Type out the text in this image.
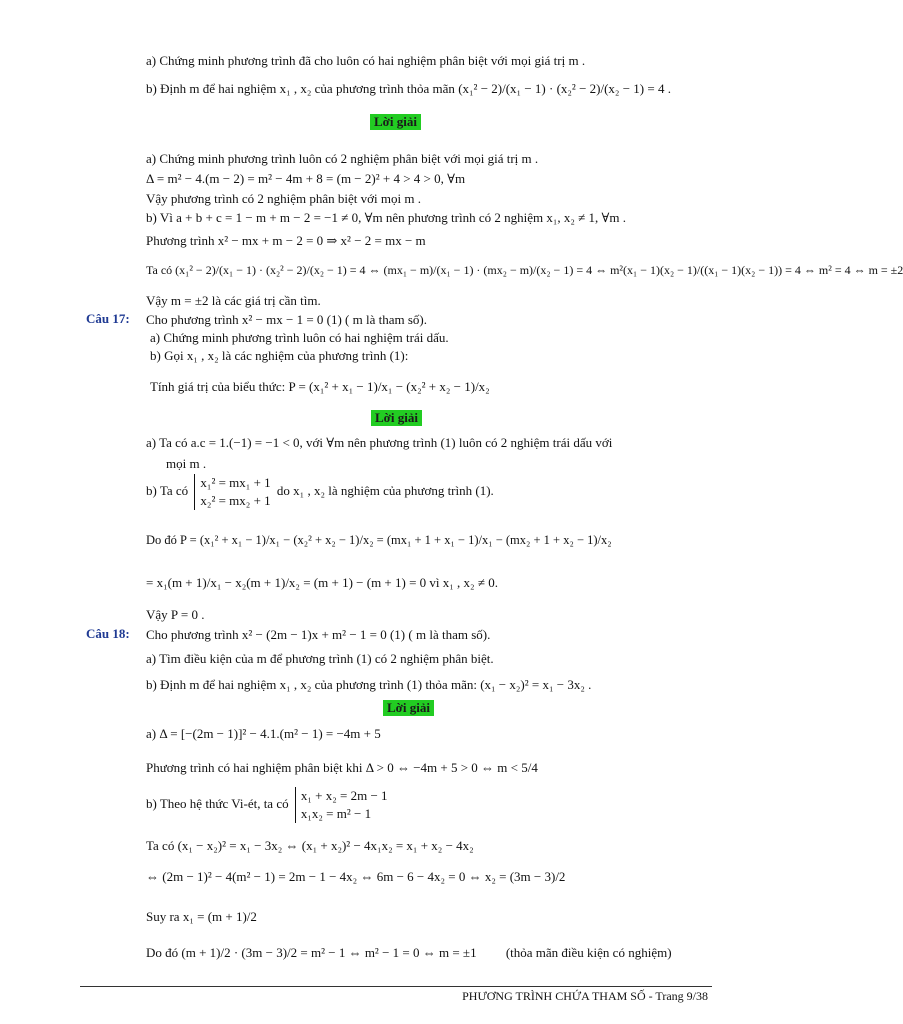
a) Chứng minh phương trình đã cho luôn có hai nghiệm phân biệt với mọi giá trị m .
b) Định m để hai nghiệm x₁ , x₂ của phương trình thỏa mãn (x₁² − 2)/(x₁ − 1) · (x₂² − 2)/(x₂ − 1) = 4 .
Lời giải
a) Chứng minh phương trình luôn có 2 nghiệm phân biệt với mọi giá trị m .
Δ = m² − 4.(m − 2) = m² − 4m + 8 = (m − 2)² + 4 > 4 > 0, ∀m
Vậy phương trình có 2 nghiệm phân biệt với mọi m .
b) Vì a + b + c = 1 − m + m − 2 = −1 ≠ 0, ∀m nên phương trình có 2 nghiệm x₁, x₂ ≠ 1, ∀m .
Phương trình x² − mx + m − 2 = 0 ⇒ x² − 2 = mx − m
Ta có (x₁² − 2)/(x₁ − 1) · (x₂² − 2)/(x₂ − 1) = 4 ⇔ (mx₁ − m)/(x₁ − 1) · (mx₂ − m)/(x₂ − 1) = 4 ⇔ m²(x₁ − 1)(x₂ − 1)/((x₁ − 1)(x₂ − 1)) = 4 ⇔ m² = 4 ⇔ m = ±2
Vậy m = ±2 là các giá trị cần tìm.
Câu 17: Cho phương trình x² − mx − 1 = 0 (1) ( m là tham số).
a) Chứng minh phương trình luôn có hai nghiệm trái dấu.
b) Gọi x₁ , x₂ là các nghiệm của phương trình (1):
Tính giá trị của biểu thức: P = (x₁² + x₁ − 1)/x₁ − (x₂² + x₂ − 1)/x₂
Lời giải
a) Ta có a.c = 1.(−1) = −1 < 0, với ∀m nên phương trình (1) luôn có 2 nghiệm trái dấu với
mọi m .
b) Ta có
x₁² = mx₁ + 1
x₂² = mx₂ + 1
do x₁ , x₂ là nghiệm của phương trình (1).
Do đó P = (x₁² + x₁ − 1)/x₁ − (x₂² + x₂ − 1)/x₂ = (mx₁ + 1 + x₁ − 1)/x₁ − (mx₂ + 1 + x₂ − 1)/x₂
= x₁(m + 1)/x₁ − x₂(m + 1)/x₂ = (m + 1) − (m + 1) = 0 vì x₁ , x₂ ≠ 0.
Vậy P = 0 .
Câu 18: Cho phương trình x² − (2m − 1)x + m² − 1 = 0 (1) ( m là tham số).
a) Tìm điều kiện của m để phương trình (1) có 2 nghiệm phân biệt.
b) Định m để hai nghiệm x₁ , x₂ của phương trình (1) thỏa mãn: (x₁ − x₂)² = x₁ − 3x₂ .
Lời giải
a) Δ = [−(2m − 1)]² − 4.1.(m² − 1) = −4m + 5
Phương trình có hai nghiệm phân biệt khi Δ > 0 ⇔ −4m + 5 > 0 ⇔ m < 5/4
b) Theo hệ thức Vi-ét, ta có
x₁ + x₂ = 2m − 1
x₁x₂ = m² − 1
Ta có (x₁ − x₂)² = x₁ − 3x₂ ⇔ (x₁ + x₂)² − 4x₁x₂ = x₁ + x₂ − 4x₂
⇔ (2m − 1)² − 4(m² − 1) = 2m − 1 − 4x₂ ⇔ 6m − 6 − 4x₂ = 0 ⇔ x₂ = (3m − 3)/2
Suy ra x₁ = (m + 1)/2
Do đó (m + 1)/2 · (3m − 3)/2 = m² − 1 ⇔ m² − 1 = 0 ⇔ m = ±1 (thỏa mãn điều kiện có nghiệm)
PHƯƠNG TRÌNH CHỨA THAM SỐ - Trang 9/38
